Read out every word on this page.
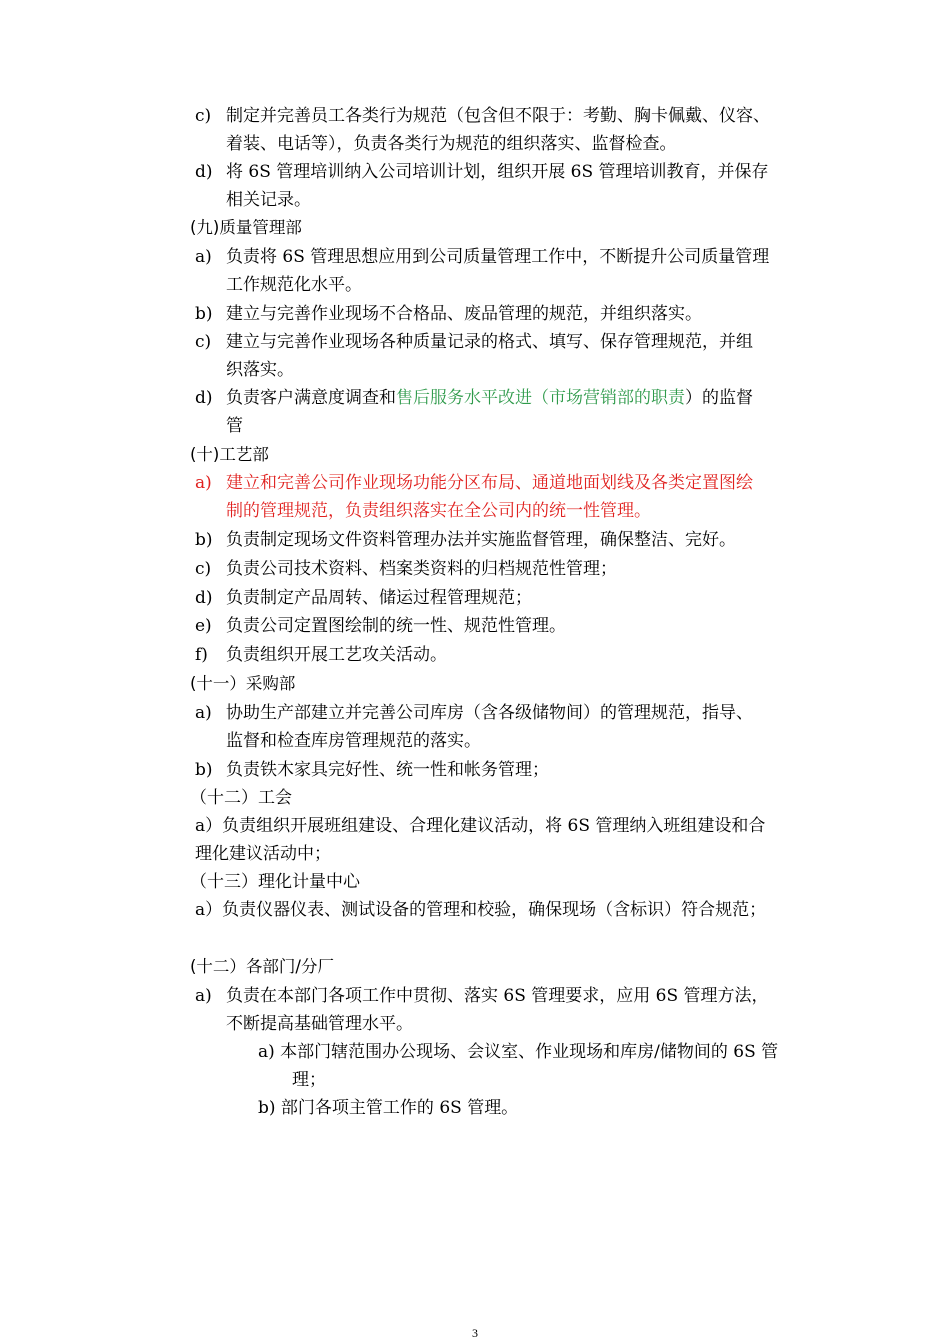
c) 制定并完善员工各类行为规范（包含但不限于：考勤、胸卡佩戴、仪容、
着装、电话等），负责各类行为规范的组织落实、监督检查。
d) 将 6S 管理培训纳入公司培训计划，组织开展 6S 管理培训教育，并保存
相关记录。
(九)质量管理部
a) 负责将 6S 管理思想应用到公司质量管理工作中，不断提升公司质量管理
工作规范化水平。
b) 建立与完善作业现场不合格品、废品管理的规范，并组织落实。
c) 建立与完善作业现场各种质量记录的格式、填写、保存管理规范，并组
织落实。
d) 负责客户满意度调查和售后服务水平改进（市场营销部的职责）的监督
管
(十)工艺部
a) 建立和完善公司作业现场功能分区布局、通道地面划线及各类定置图绘
制的管理规范，负责组织落实在全公司内的统一性管理。
b) 负责制定现场文件资料管理办法并实施监督管理，确保整洁、完好。
c) 负责公司技术资料、档案类资料的归档规范性管理；
d) 负责制定产品周转、储运过程管理规范；
e) 负责公司定置图绘制的统一性、规范性管理。
f) 负责组织开展工艺攻关活动。
(十一）采购部
a) 协助生产部建立并完善公司库房（含各级储物间）的管理规范，指导、
监督和检查库房管理规范的落实。
b) 负责铁木家具完好性、统一性和帐务管理；
（十二）工会
a）负责组织开展班组建设、合理化建议活动，将 6S 管理纳入班组建设和合
理化建议活动中；
（十三）理化计量中心
a）负责仪器仪表、测试设备的管理和校验，确保现场（含标识）符合规范；
(十二）各部门/分厂
a) 负责在本部门各项工作中贯彻、落实 6S 管理要求，应用 6S 管理方法，
不断提高基础管理水平。
a) 本部门辖范围办公现场、会议室、作业现场和库房/储物间的 6S 管
理；
b) 部门各项主管工作的 6S 管理。
3
